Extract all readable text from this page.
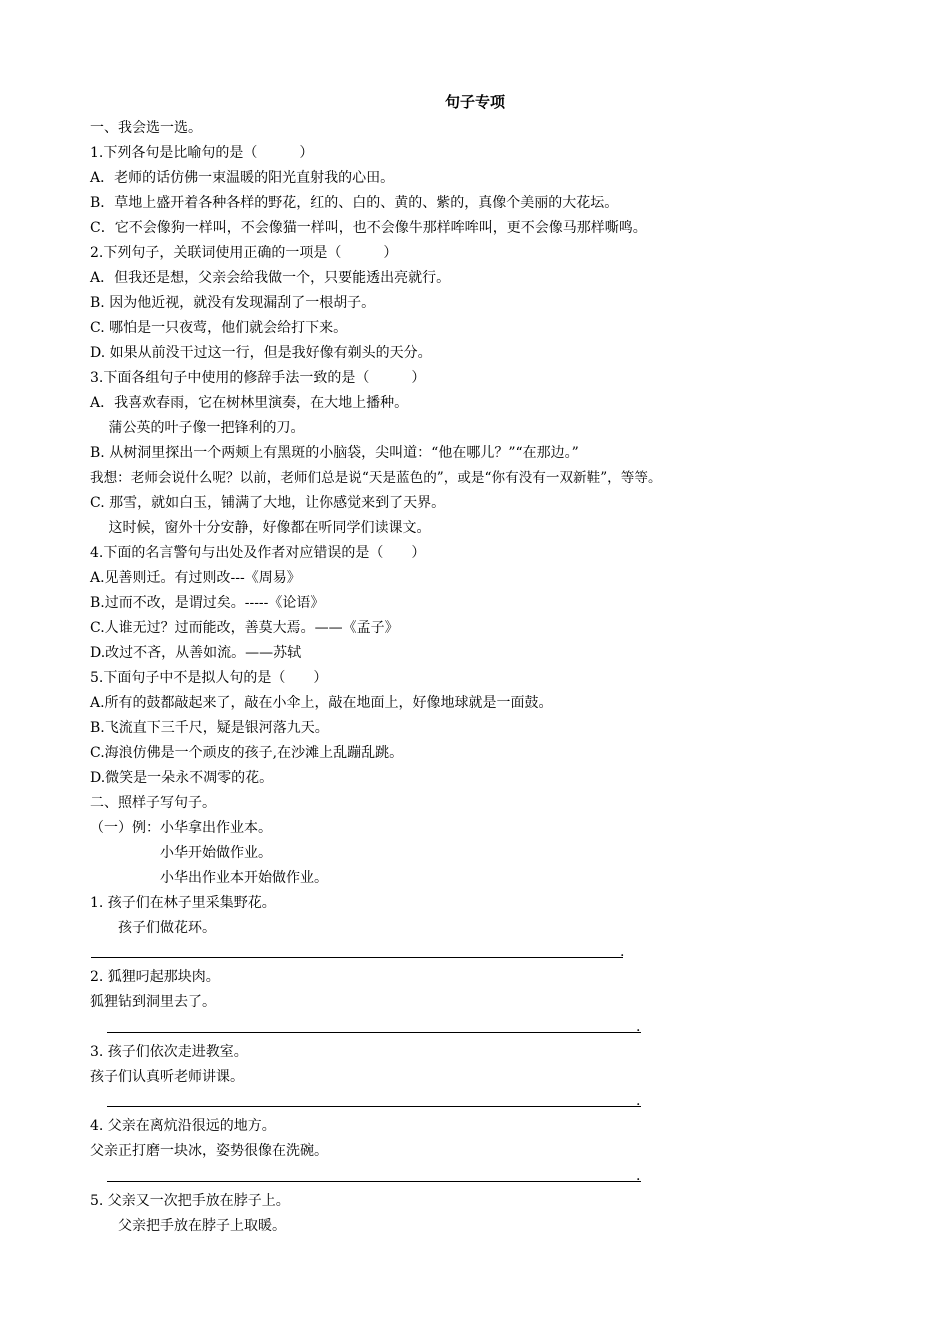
句子专项
一、我会选一选。
1.下列各句是比喻句的是（　　　）
A．老师的话仿佛一束温暖的阳光直射我的心田。
B．草地上盛开着各种各样的野花，红的、白的、黄的、紫的，真像个美丽的大花坛。
C．它不会像狗一样叫，不会像猫一样叫，也不会像牛那样哞哞叫，更不会像马那样嘶鸣。
2.下列句子，关联词使用正确的一项是（　　　）
A．但我还是想，父亲会给我做一个，只要能透出亮就行。
B. 因为他近视，就没有发现漏刮了一根胡子。
C. 哪怕是一只夜莺，他们就会给打下来。
D. 如果从前没干过这一行，但是我好像有剃头的天分。
3.下面各组句子中使用的修辞手法一致的是（　　　）
A．我喜欢春雨，它在树林里演奏，在大地上播种。
　 蒲公英的叶子像一把锋利的刀。
B. 从树洞里探出一个两颊上有黑斑的小脑袋，尖叫道：“他在哪儿？”“在那边。”
我想：老师会说什么呢？以前，老师们总是说“天是蓝色的”，或是“你有没有一双新鞋”，等等。
C. 那雪，就如白玉，铺满了大地，让你感觉来到了天界。
　 这时候，窗外十分安静，好像都在听同学们读课文。
4.下面的名言警句与出处及作者对应错误的是（　　）
A.见善则迁。有过则改---《周易》
B.过而不改，是谓过矣。-----《论语》
C.人谁无过？过而能改，善莫大焉。——《孟子》
D.改过不吝，从善如流。——苏轼
5.下面句子中不是拟人句的是（　　）
A.所有的鼓都敲起来了，敲在小伞上，敲在地面上，好像地球就是一面鼓。
B.飞流直下三千尺，疑是银河落九天。
C.海浪仿佛是一个顽皮的孩子,在沙滩上乱蹦乱跳。
D.微笑是一朵永不凋零的花。
二、照样子写句子。
（一）例：小华拿出作业本。
　　　　　小华开始做作业。
　　　　　小华出作业本开始做作业。
1. 孩子们在林子里采集野花。
　　孩子们做花环。
.
2. 狐狸叼起那块肉。
狐狸钻到洞里去了。
.
3. 孩子们依次走进教室。
孩子们认真听老师讲课。
.
4. 父亲在离炕沿很远的地方。
父亲正打磨一块冰，姿势很像在洗碗。
.
5. 父亲又一次把手放在脖子上。
　　父亲把手放在脖子上取暖。
